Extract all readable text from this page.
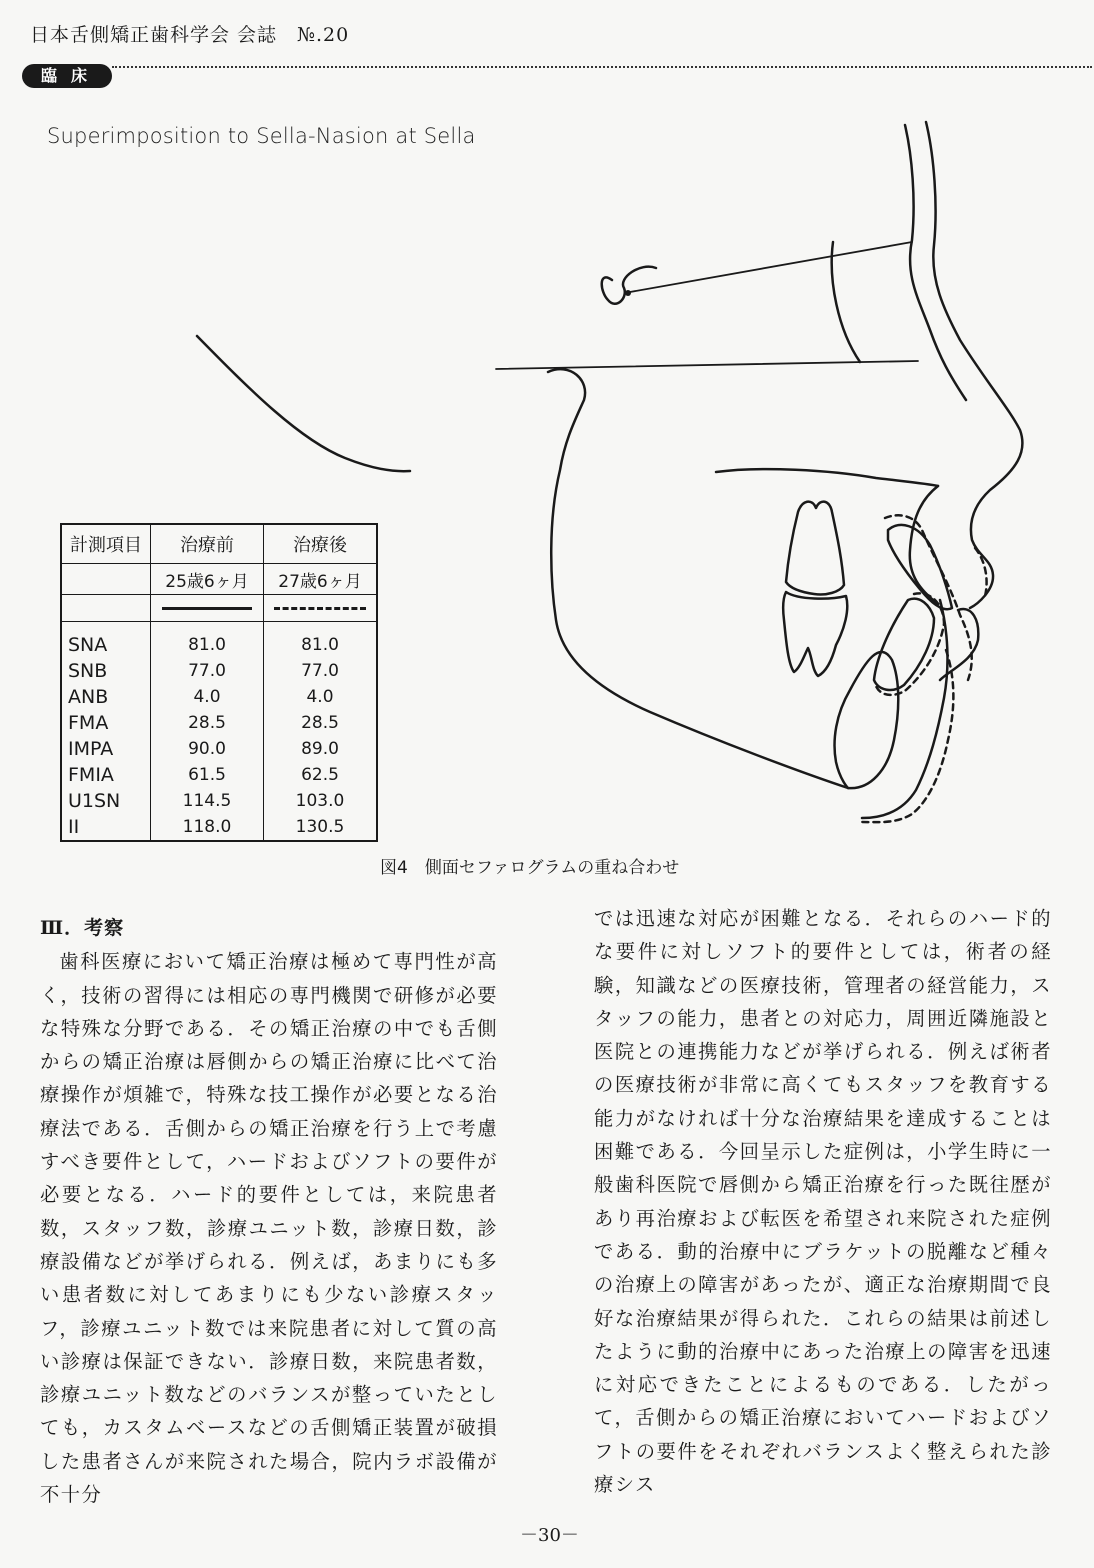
日本舌側矯正歯科学会 会誌　№.20
臨床
Superimposition to Sella-Nasion at Sella
計測項目	治療前	治療後
	25歳6ヶ月	27歳6ヶ月

SNA	81.0	81.0
SNB	77.0	77.0
ANB	4.0	4.0
FMA	28.5	28.5
IMPA	90.0	89.0
FMIA	61.5	62.5
U1SN	114.5	103.0
II	118.0	130.5
図4　側面セファログラムの重ね合わせ

Ⅲ．考察

歯科医療において矯正治療は極めて専門性が高く，技術の習得には相応の専門機関で研修が必要な特殊な分野である．その矯正治療の中でも舌側からの矯正治療は唇側からの矯正治療に比べて治療操作が煩雑で，特殊な技工操作が必要となる治療法である．舌側からの矯正治療を行う上で考慮すべき要件として，ハードおよびソフトの要件が必要となる．ハード的要件としては，来院患者数，スタッフ数，診療ユニット数，診療日数，診療設備などが挙げられる．例えば，あまりにも多い患者数に対してあまりにも少ない診療スタッフ，診療ユニット数では来院患者に対して質の高い診療は保証できない．診療日数，来院患者数，診療ユニット数などのバランスが整っていたとしても，カスタムベースなどの舌側矯正装置が破損した患者さんが来院された場合，院内ラボ設備が不十分

では迅速な対応が困難となる．それらのハード的な要件に対しソフト的要件としては，術者の経験，知識などの医療技術，管理者の経営能力，スタッフの能力，患者との対応力，周囲近隣施設と医院との連携能力などが挙げられる．例えば術者の医療技術が非常に高くてもスタッフを教育する能力がなければ十分な治療結果を達成することは困難である．今回呈示した症例は，小学生時に一般歯科医院で唇側から矯正治療を行った既往歴があり再治療および転医を希望され来院された症例である．動的治療中にブラケットの脱離など種々の治療上の障害があったが、適正な治療期間で良好な治療結果が得られた．これらの結果は前述したように動的治療中にあった治療上の障害を迅速に対応できたことによるものである．したがって，舌側からの矯正治療においてハードおよびソフトの要件をそれぞれバランスよく整えられた診療シス

－30－
